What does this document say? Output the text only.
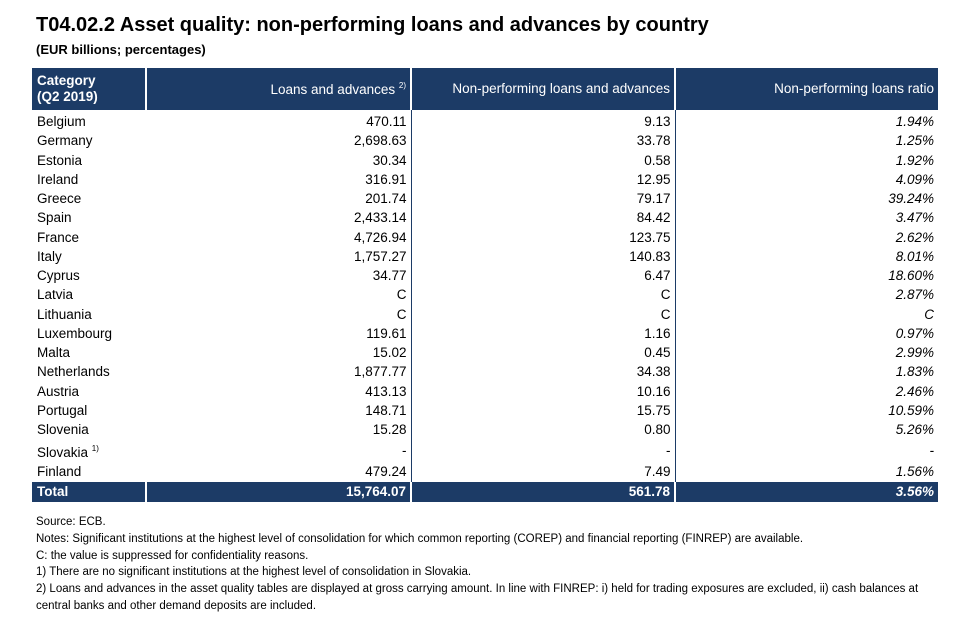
T04.02.2 Asset quality: non-performing loans and advances by country
(EUR billions; percentages)
Category
(Q2 2019)	Loans and advances $^{2)}$	Non-performing loans and advances	Non-performing loans ratio
Belgium	470.11	9.13	1.94%
Germany	2,698.63	33.78	1.25%
Estonia	30.34	0.58	1.92%
Ireland	316.91	12.95	4.09%
Greece	201.74	79.17	39.24%
Spain	2,433.14	84.42	3.47%
France	4,726.94	123.75	2.62%
Italy	1,757.27	140.83	8.01%
Cyprus	34.77	6.47	18.60%
Latvia	C	C	2.87%
Lithuania	C	C	C
Luxembourg	119.61	1.16	0.97%
Malta	15.02	0.45	2.99%
Netherlands	1,877.77	34.38	1.83%
Austria	413.13	10.16	2.46%
Portugal	148.71	15.75	10.59%
Slovenia	15.28	0.80	5.26%
Slovakia $^{1)}$	-	-	-
Finland	479.24	7.49	1.56%
Total	15,764.07	561.78	3.56%
Source: ECB.
Notes: Significant institutions at the highest level of consolidation for which common reporting (COREP) and financial reporting (FINREP) are available.
C: the value is suppressed for confidentiality reasons.
1) There are no significant institutions at the highest level of consolidation in Slovakia.
2) Loans and advances in the asset quality tables are displayed at gross carrying amount. In line with FINREP: i) held for trading exposures are excluded, ii) cash balances at central banks and other demand deposits are included.
